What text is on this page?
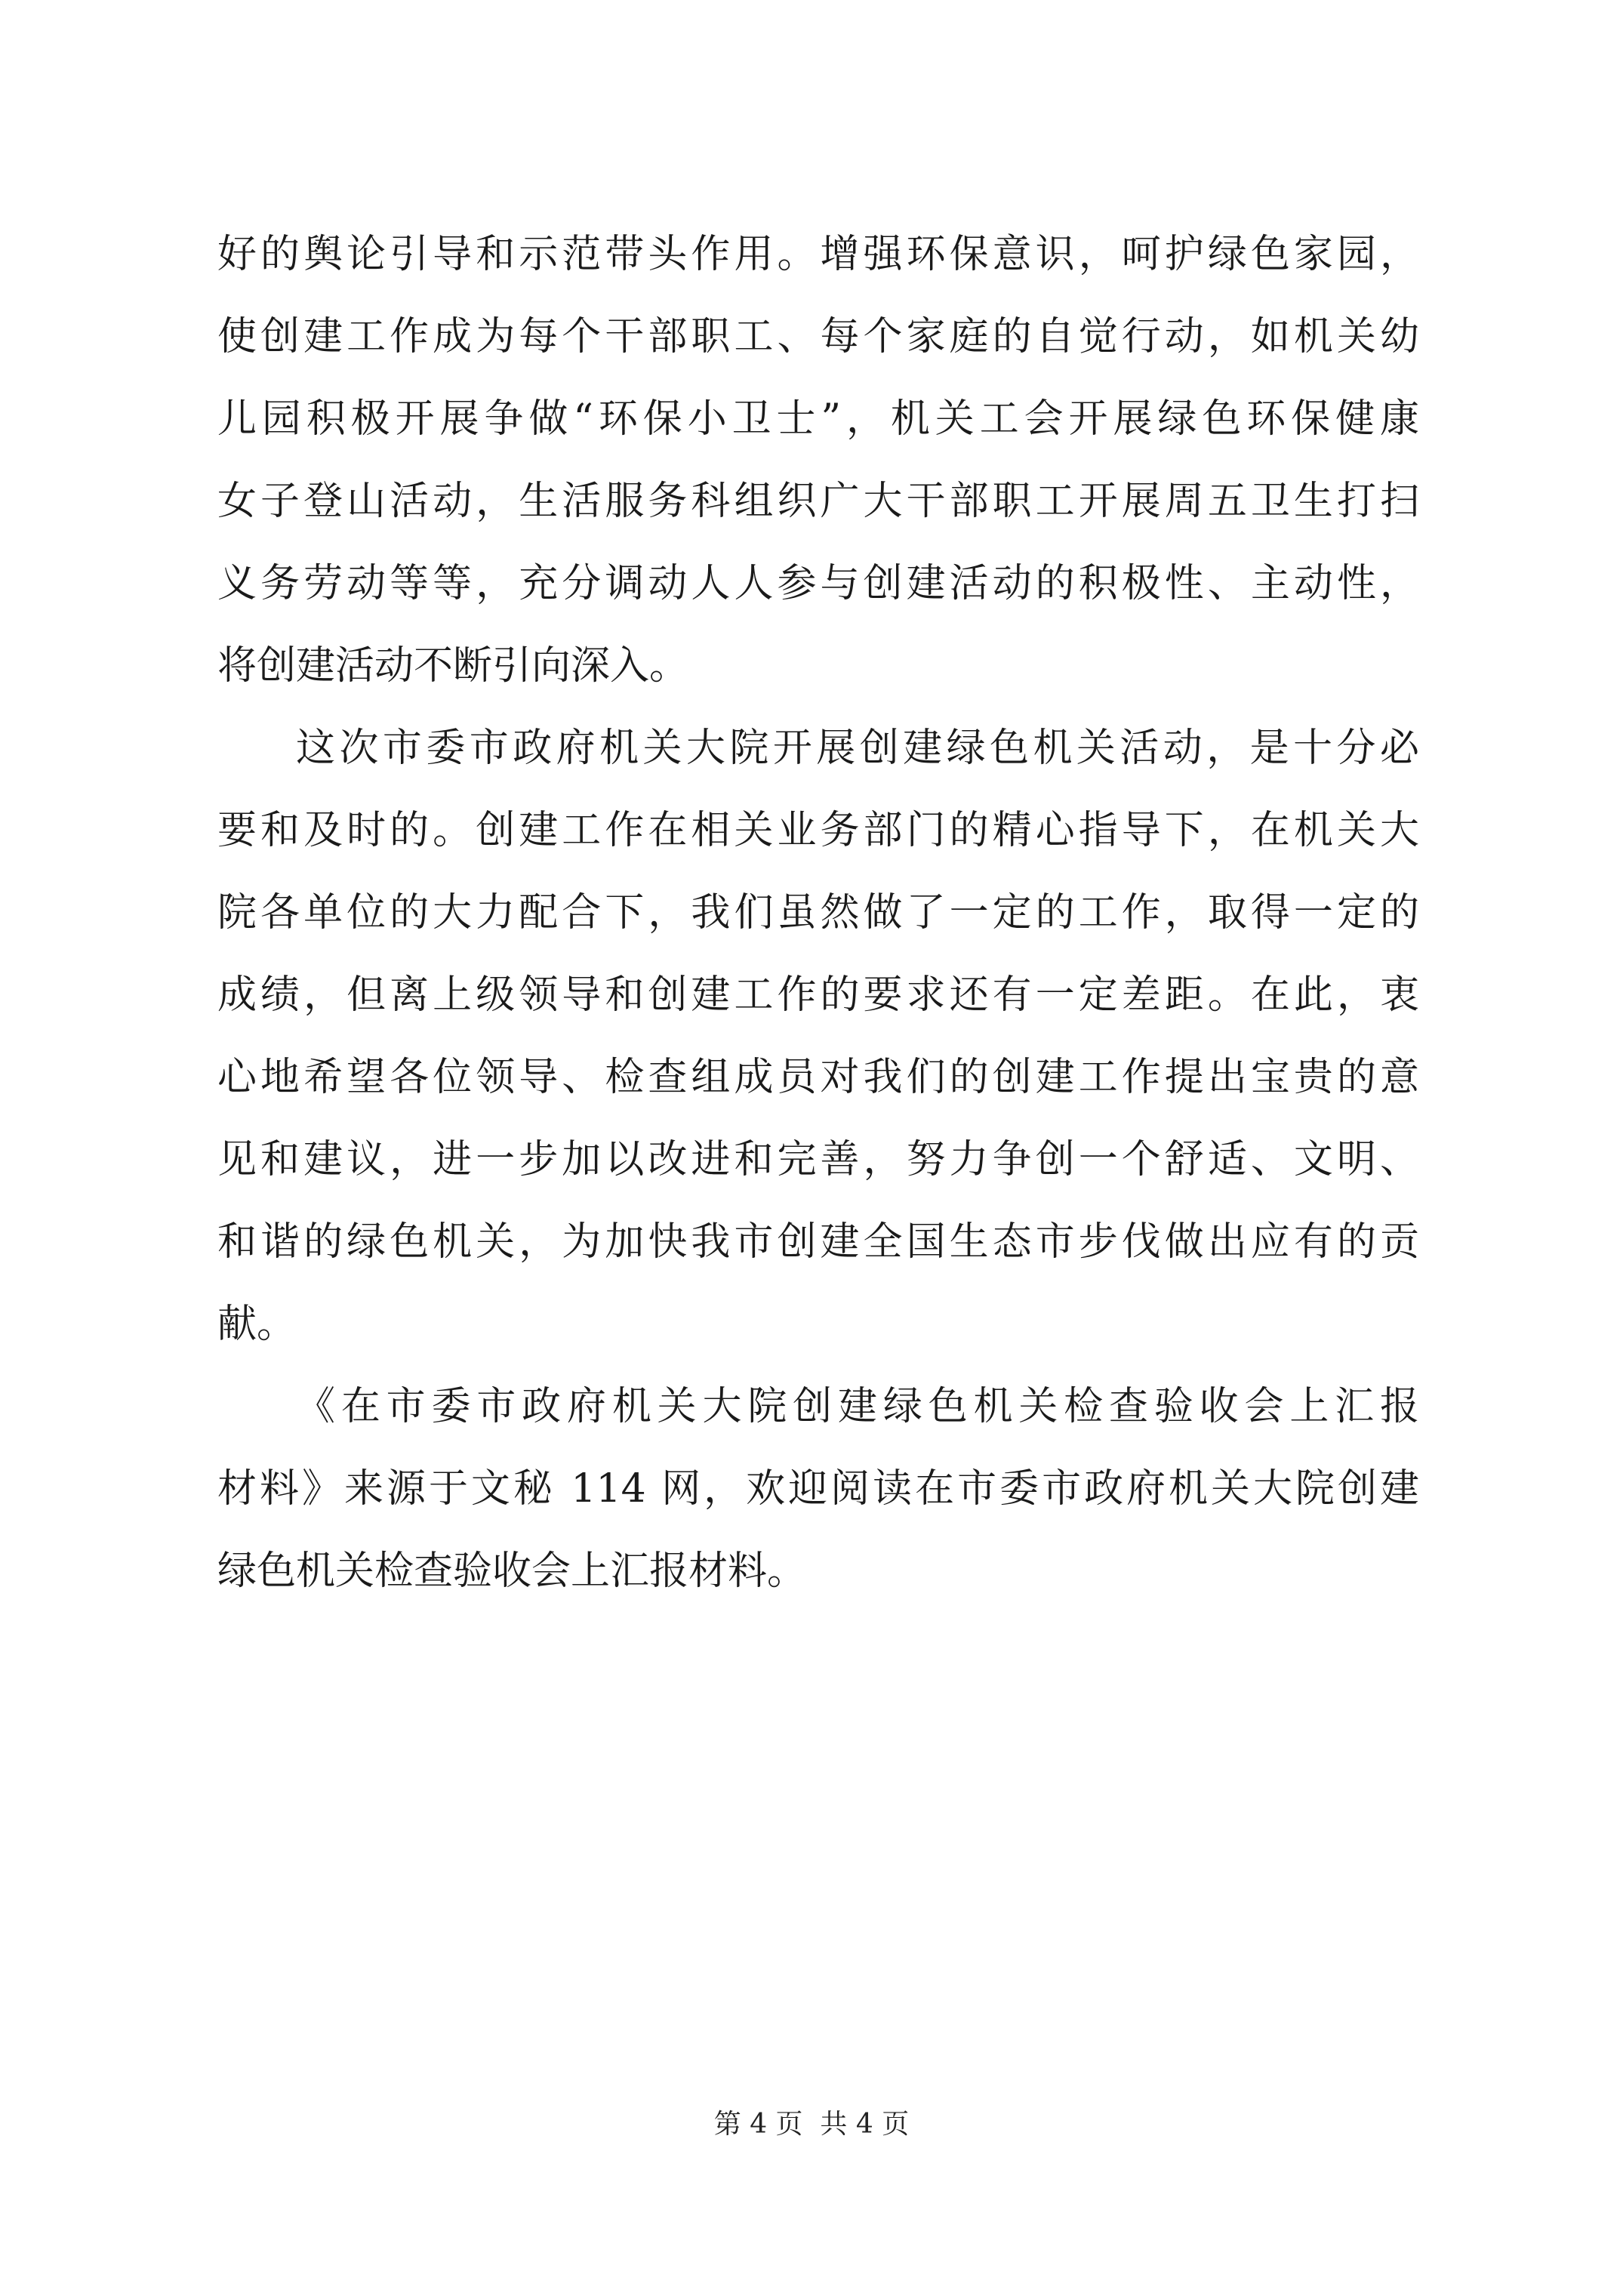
好的舆论引导和示范带头作用。增强环保意识，呵护绿色家园，
使创建工作成为每个干部职工、每个家庭的自觉行动，如机关幼
儿园积极开展争做“环保小卫士”，机关工会开展绿色环保健康
女子登山活动，生活服务科组织广大干部职工开展周五卫生打扫
义务劳动等等，充分调动人人参与创建活动的积极性、主动性，
将创建活动不断引向深入。
这次市委市政府机关大院开展创建绿色机关活动，是十分必
要和及时的。创建工作在相关业务部门的精心指导下，在机关大
院各单位的大力配合下，我们虽然做了一定的工作，取得一定的
成绩，但离上级领导和创建工作的要求还有一定差距。在此，衷
心地希望各位领导、检查组成员对我们的创建工作提出宝贵的意
见和建议，进一步加以改进和完善，努力争创一个舒适、文明、
和谐的绿色机关，为加快我市创建全国生态市步伐做出应有的贡
献。
《在市委市政府机关大院创建绿色机关检查验收会上汇报
材料》来源于文秘 114 网，欢迎阅读在市委市政府机关大院创建
绿色机关检查验收会上汇报材料。
第 4 页  共 4 页
